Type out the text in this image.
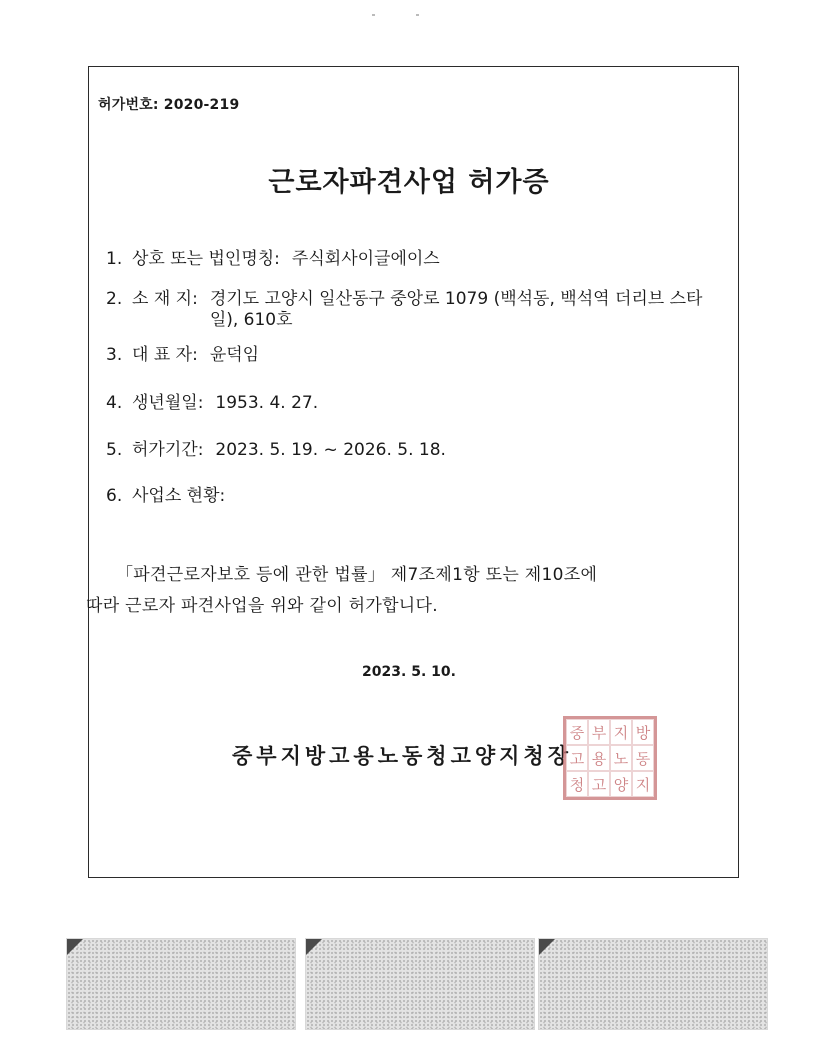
허가번호: 2020-219
근로자파견사업 허가증
1. 상호 또는 법인명칭: 주식회사이글에이스
2. 소 재 지: 경기도 고양시 일산동구 중앙로 1079 (백석동, 백석역 더리브 스타일), 610호
3. 대 표 자: 윤덕임
4. 생년월일: 1953. 4. 27.
5. 허가기간: 2023. 5. 19. ~ 2026. 5. 18.
6. 사업소 현황:
「파견근로자보호 등에 관한 법률」 제7조제1항 또는 제10조에
따라 근로자 파견사업을 위와 같이 허가합니다.
2023. 5. 10.
중부지방고용노동청고양지청장
중 부 지 방
고 용 노 동
청 고 양 지
